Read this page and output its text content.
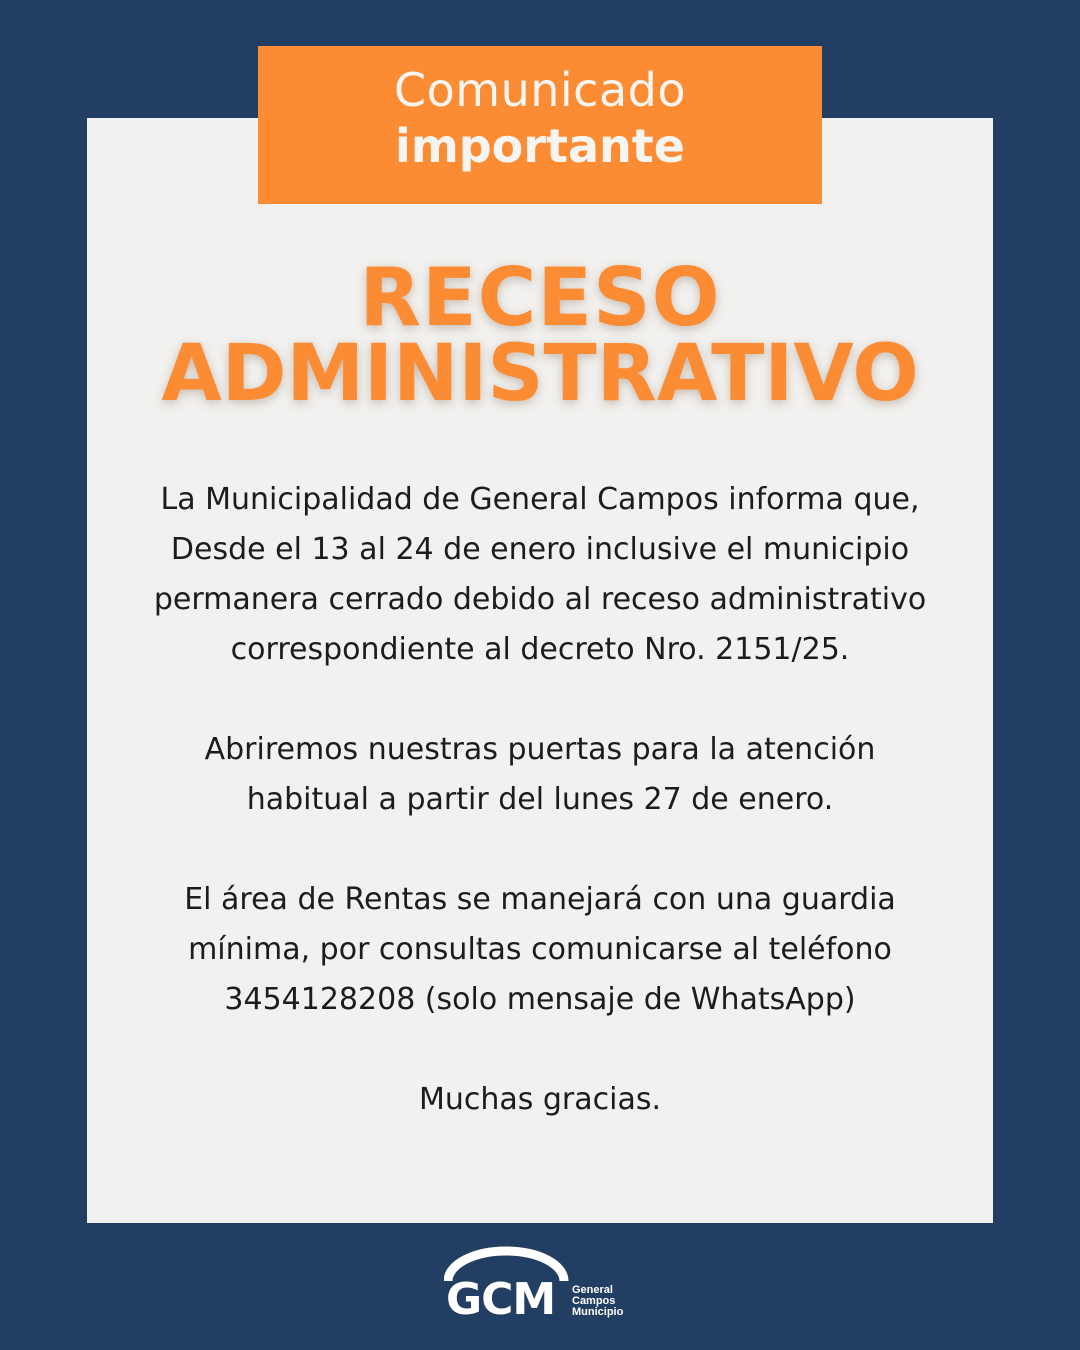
Comunicado
importante
RECESO
ADMINISTRATIVO
La Municipalidad de General Campos informa que,
Desde el 13 al 24 de enero inclusive el municipio
permanera cerrado debido al receso administrativo
correspondiente al decreto Nro. 2151/25.
Abriremos nuestras puertas para la atención
habitual a partir del lunes 27 de enero.
El área de Rentas se manejará con una guardia
mínima, por consultas comunicarse al teléfono
3454128208 (solo mensaje de WhatsApp)
Muchas gracias.
GCM General
Campos
Municipio
